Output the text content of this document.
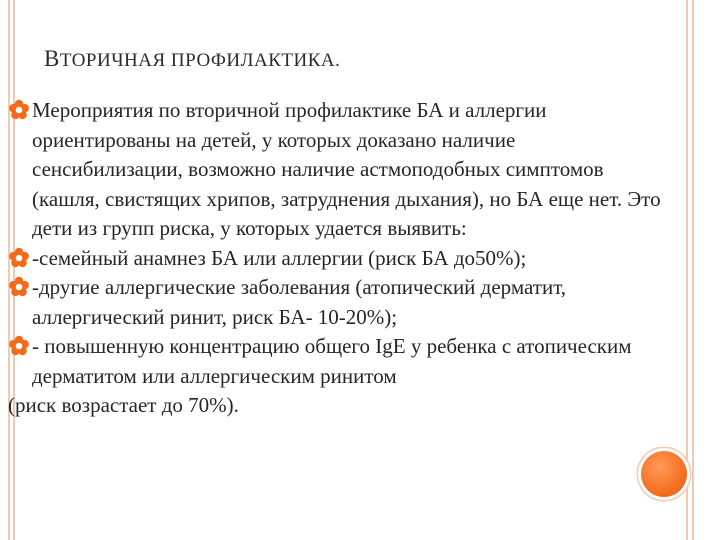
ВТОРИЧНАЯ ПРОФИЛАКТИКА.
Мероприятия по вторичной профилактике БА и аллергии ориентированы на детей, у которых доказано наличие сенсибилизации, возможно наличие астмоподобных симптомов (кашля, свистящих хрипов, затруднения дыхания), но БА еще нет. Это дети из групп риска, у которых удается выявить:
-семейный анамнез БА или аллергии (риск БА до50%);
-другие аллергические заболевания (атопический дерматит, аллергический ринит, риск БА- 10-20%);
- повышенную концентрацию общего IgE у ребенка с атопическим дерматитом или аллергическим ринитом
(риск возрастает до 70%).
